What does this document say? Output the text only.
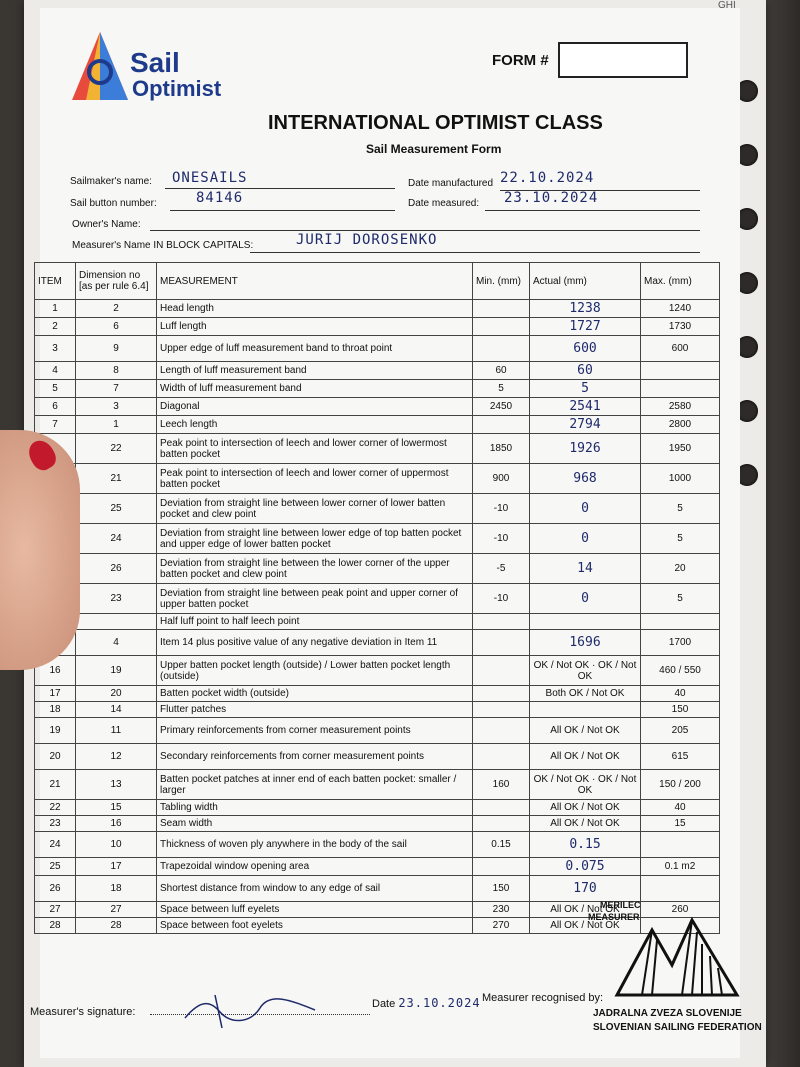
GHI
Sail
Optimist
FORM #
INTERNATIONAL OPTIMIST CLASS
Sail Measurement Form
Sailmaker's name: ONESAILS	Date manufactured 22.10.2024
Sail button number:	84146	Date measured: 23.10.2024
Owner's Name:
Measurer's Name IN BLOCK CAPITALS:	JURIJ DOROSENKO
ITEM	Dimension no [as per rule 6.4]	MEASUREMENT	Min. (mm)	Actual (mm)	Max. (mm)
1	2	Head length		1238	1240
2	6	Luff length		1727	1730
3	9	Upper edge of luff measurement band to throat point		600	600
4	8	Length of luff measurement band	60	60	
5	7	Width of luff measurement band	5	5	
6	3	Diagonal	2450	2541	2580
7	1	Leech length		2794	2800
	22	Peak point to intersection of leech and lower corner of lowermost batten pocket	1850	1926	1950
	21	Peak point to intersection of leech and lower corner of uppermost batten pocket	900	968	1000
	25	Deviation from straight line between lower corner of lower batten pocket and clew point	-10	0	5
	24	Deviation from straight line between lower edge of top batten pocket and upper edge of lower batten pocket	-10	0	5
	26	Deviation from straight line between the lower corner of the upper batten pocket and clew point	-5	14	20
	23	Deviation from straight line between peak point and upper corner of upper batten pocket	-10	0	5
		Half luff point to half leech point			
	4	Item 14 plus positive value of any negative deviation in Item 11		1696	1700
16	19	Upper batten pocket length (outside) / Lower batten pocket length (outside)		OK / Not OK · OK / Not OK	460 / 550
17	20	Batten pocket width (outside)		Both OK / Not OK	40
18	14	Flutter patches			150
19	11	Primary reinforcements from corner measurement points		All OK / Not OK	205
20	12	Secondary reinforcements from corner measurement points		All OK / Not OK	615
21	13	Batten pocket patches at inner end of each batten pocket: smaller / larger	160	OK / Not OK · OK / Not OK	150 / 200
22	15	Tabling width		All OK / Not OK	40
23	16	Seam width		All OK / Not OK	15
24	10	Thickness of woven ply anywhere in the body of the sail	0.15	0.15	
25	17	Trapezoidal window opening area		0.075	0.1 m2
26	18	Shortest distance from window to any edge of sail	150	170	
27	27	Space between luff eyelets	230	All OK / Not OK	260
28	28	Space between foot eyelets	270	All OK / Not OK	
Measurer's signature:
Date 23.10.2024 Measurer recognised by:
MERILEC
MEASURER
JADRALNA ZVEZA SLOVENIJE
SLOVENIAN SAILING FEDERATION
